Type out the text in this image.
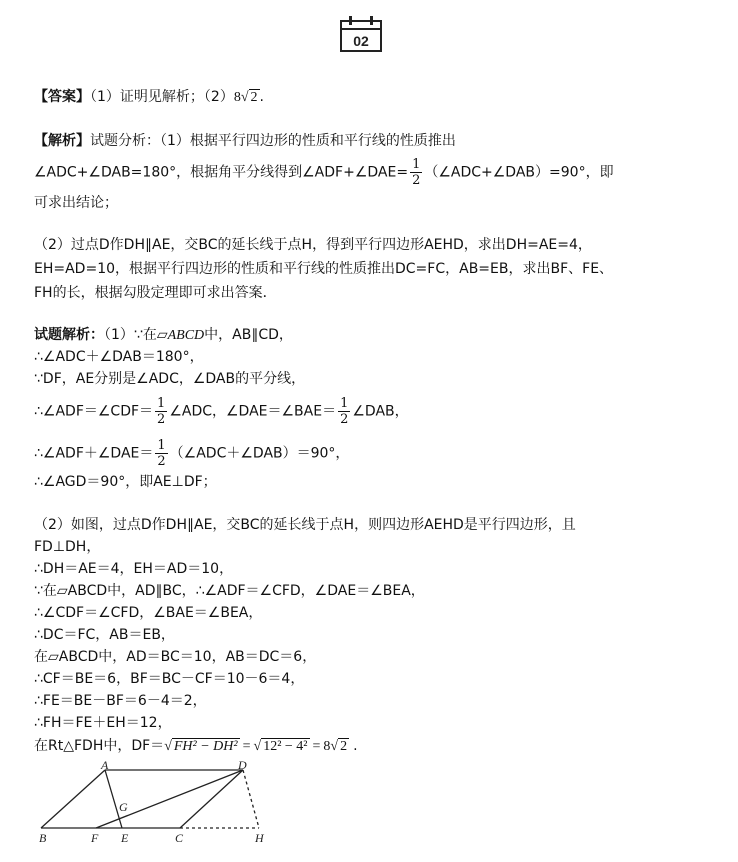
02
【答案】（1）证明见解析；（2）8√ 2 .
【解析】试题分析：（1）根据平行四边形的性质和平行线的性质推出
∠ADC+∠DAB=180°，根据角平分线得到∠ADF+∠DAE= $\frac{1}{2}$ （∠ADC+∠DAB）=90°，即
可求出结论；
（2）过点D作DH∥AE，交BC的延长线于点H，得到平行四边形AEHD，求出DH=AE=4，
EH=AD=10，根据平行四边形的性质和平行线的性质推出DC=FC，AB=EB，求出BF、FE、
FH的长，根据勾股定理即可求出答案．
试题解析：（1）∵在▱ABCD中，AB∥CD，
∴∠ADC＋∠DAB＝180°，
∵DF，AE分别是∠ADC，∠DAB的平分线，
∴∠ADF＝∠CDF＝ $\frac{1}{2}$ ∠ADC，∠DAE＝∠BAE＝ $\frac{1}{2}$ ∠DAB，
∴∠ADF＋∠DAE＝ $\frac{1}{2}$ （∠ADC＋∠DAB）＝90°，
∴∠AGD＝90°，即AE⊥DF；
（2）如图，过点D作DH∥AE，交BC的延长线于点H，则四边形AEHD是平行四边形，且
FD⊥DH，
∴DH＝AE＝4，EH＝AD＝10，
∵在▱ABCD中，AD∥BC，∴∠ADF＝∠CFD，∠DAE＝∠BEA，
∴∠CDF＝∠CFD，∠BAE＝∠BEA，
∴DC＝FC，AB＝EB，
在▱ABCD中，AD＝BC＝10，AB＝DC＝6，
∴CF＝BE＝6，BF＝BC－CF＝10－6＝4，
∴FE＝BE－BF＝6－4＝2，
∴FH＝FE＋EH＝12，
在Rt△FDH中，DF＝√ FH² − DH² = √ 12² − 4² = 8√ 2 .
A	D
G
B	F E	C	H
